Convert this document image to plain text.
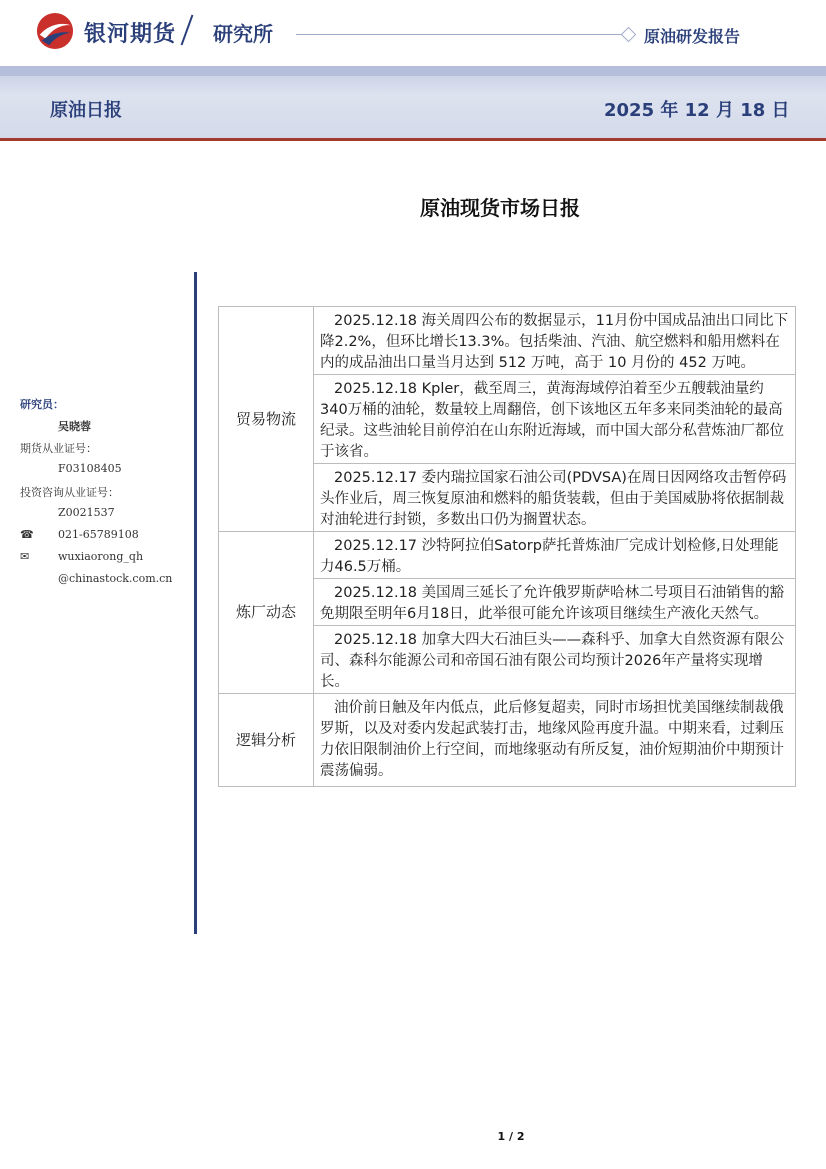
银河期货 研究所	原油研发报告
原油日报	2025 年 12 月 18 日
原油现货市场日报
研究员：
吴晓蓉
期货从业证号：
F03108405
投资咨询从业证号：
Z0021537
☎ 021-65789108
✉	wuxiaorong_qh
@chinastock.com.cn
贸易物流	2025.12.18 海关周四公布的数据显示，11月份中国成品油出口同比下降2.2%，但环比增长13.3%。包括柴油、汽油、航空燃料和船用燃料在内的成品油出口量当月达到 512 万吨，高于 10 月份的 452 万吨。
	2025.12.18 Kpler，截至周三，黄海海域停泊着至少五艘载油量约340万桶的油轮，数量较上周翻倍，创下该地区五年多来同类油轮的最高纪录。这些油轮目前停泊在山东附近海域，而中国大部分私营炼油厂都位于该省。
	2025.12.17 委内瑞拉国家石油公司(PDVSA)在周日因网络攻击暂停码头作业后，周三恢复原油和燃料的船货装载，但由于美国威胁将依据制裁对油轮进行封锁，多数出口仍为搁置状态。
炼厂动态	2025.12.17 沙特阿拉伯Satorp萨托普炼油厂完成计划检修,日处理能力46.5万桶。
	2025.12.18 美国周三延长了允许俄罗斯萨哈林二号项目石油销售的豁免期限至明年6月18日，此举很可能允许该项目继续生产液化天然气。
	2025.12.18 加拿大四大石油巨头——森科乎、加拿大自然资源有限公司、森科尔能源公司和帝国石油有限公司均预计2026年产量将实现增长。
逻辑分析	油价前日触及年内低点，此后修复超卖，同时市场担忧美国继续制裁俄罗斯，以及对委内发起武装打击，地缘风险再度升温。中期来看，过剩压力依旧限制油价上行空间，而地缘驱动有所反复，油价短期油价中期预计震荡偏弱。
1 / 2
